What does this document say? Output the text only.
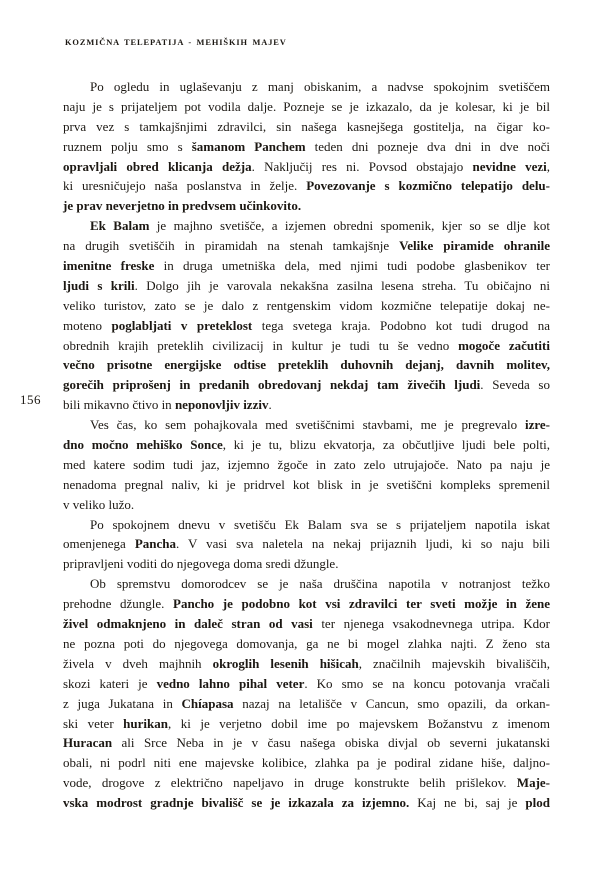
KOZMIČNA TELEPATIJA - MEHIŠKIH MAJEV
156
Po ogledu in uglaševanju z manj obiskanim, a nadvse spokojnim svetiščem
naju je s prijateljem pot vodila dalje. Pozneje se je izkazalo, da je kolesar, ki je bil
prva vez s tamkajšnjimi zdravilci, sin našega kasnejšega gostitelja, na čigar ko-
ruznem polju smo s šamanom Panchem teden dni pozneje dva dni in dve noči
opravljali obred klicanja dežja. Naključij res ni. Povsod obstajajo nevidne vezi,
ki uresničujejo naša poslanstva in želje. Povezovanje s kozmično telepatijo delu-
je prav neverjetno in predvsem učinkovito.
Ek Balam je majhno svetišče, a izjemen obredni spomenik, kjer so se dlje kot
na drugih svetiščih in piramidah na stenah tamkajšnje Velike piramide ohranile
imenitne freske in druga umetniška dela, med njimi tudi podobe glasbenikov ter
ljudi s krili. Dolgo jih je varovala nekakšna zasilna lesena streha. Tu običajno ni
veliko turistov, zato se je dalo z rentgenskim vidom kozmične telepatije dokaj ne-
moteno poglabljati v preteklost tega svetega kraja. Podobno kot tudi drugod na
obrednih krajih preteklih civilizacij in kultur je tudi tu še vedno mogoče začutiti
večno prisotne energijske odtise preteklih duhovnih dejanj, davnih molitev,
gorečih priprošenj in predanih obredovanj nekdaj tam živečih ljudi. Seveda so
bili mikavno čtivo in neponovljiv izziv.
Ves čas, ko sem pohajkovala med svetiščnimi stavbami, me je pregrevalo izre-
dno močno mehiško Sonce, ki je tu, blizu ekvatorja, za občutljive ljudi bele polti,
med katere sodim tudi jaz, izjemno žgoče in zato zelo utrujajoče. Nato pa naju je
nenadoma pregnal naliv, ki je pridrvel kot blisk in je svetiščni kompleks spremenil
v veliko lužo.
Po spokojnem dnevu v svetišču Ek Balam sva se s prijateljem napotila iskat
omenjenega Pancha. V vasi sva naletela na nekaj prijaznih ljudi, ki so naju bili
pripravljeni voditi do njegovega doma sredi džungle.
Ob spremstvu domorodcev se je naša druščina napotila v notranjost težko
prehodne džungle. Pancho je podobno kot vsi zdravilci ter sveti možje in žene
živel odmaknjeno in daleč stran od vasi ter njenega vsakodnevnega utripa. Kdor
ne pozna poti do njegovega domovanja, ga ne bi mogel zlahka najti. Z ženo sta
živela v dveh majhnih okroglih lesenih hišicah, značilnih majevskih bivališčih,
skozi kateri je vedno lahno pihal veter. Ko smo se na koncu potovanja vračali
z juga Jukatana in Chíapasa nazaj na letališče v Cancun, smo opazili, da orkan-
ski veter hurikan, ki je verjetno dobil ime po majevskem Božanstvu z imenom
Huracan ali Srce Neba in je v času našega obiska divjal ob severni jukatanski
obali, ni podrl niti ene majevske kolibice, zlahka pa je podiral zidane hiše, daljno-
vode, drogove z električno napeljavo in druge konstrukte belih prišlekov. Maje-
vska modrost gradnje bivališč se je izkazala za izjemno. Kaj ne bi, saj je plod
